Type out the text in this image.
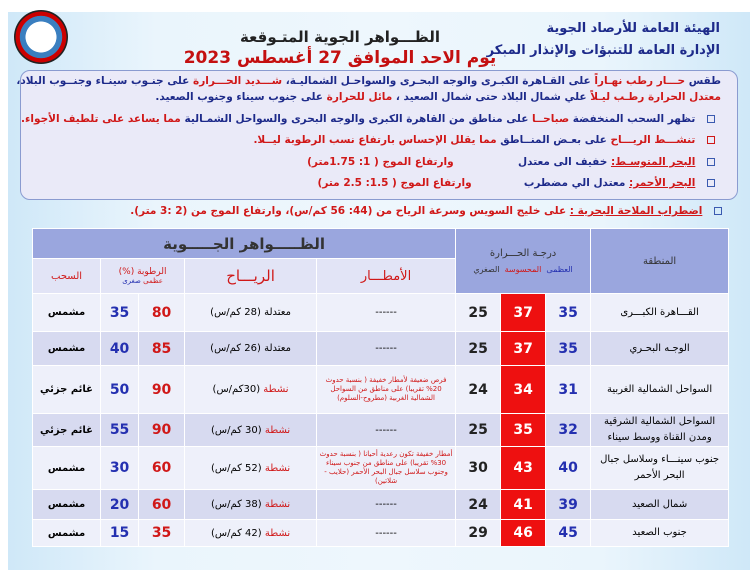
الهيئة العامة للأرصاد الجوية
الإدارة العامة للتنبؤات والإنذار المبكر
الظـــواهر الجوية المتـوقعة
يوم الاحد الموافق 27 أغسطس 2023
طقس حـــار رطب نهـاراً على القـاهرة الكبـرى والوجه البحـرى والسواحـل الشماليـة، شـــديد الحـــرارة على جنـوب سينـاء وجنــوب البلاد،
معتدل الحرارة رطـب ليـلاً علي شمال البلاد حتى شمال الصعيد ، مائل للحرارة على جنوب سيناء وجنوب الصعيد.
تظهر السحب المنخفضة صباحــا على مناطق من القاهرة الكبرى والوجه البحرى والسواحل الشمـالية مما يساعد على تلطيف الأجواء.
تنشـــط الريـــاح على بعـض المنــاطق مما يقلل الإحساس بارتفاع نسب الرطوبة ليــلا.
البحر المتوسـط: خفيف الى معتدل وارتفاع الموج ( 1: 1.75متر)
البحر الأحمر: معتدل الي مضطرب وارتفاع الموج ( 1.5: 2.5 متر)
اضطراب الملاحة البحرية : على خليج السويس وسرعة الرياح من (44: 56 كم/س)، وارتفاع الموج من (2 :3 متر).
المنطقة	درجـة الحـــرارة
العظمى  المحسوسة  الصغري			الظـــــواهر الجـــــوية				
				الأمطـــار	الريـــاح	الرطوبة (%)
عظمى صغرى		السحب
القـــاهرة الكبـــرى	35	37	25	------	معتدلة (28 كم/س)	80	35	مشمس
الوجـه البحـري	35	37	25	------	معتدلة (26 كم/س)	85	40	مشمس
السواحل الشمالية الغربية	31	34	24	فرص ضعيفة لأمطار خفيفة ( بنسبة حدوث 20% تقريبا) على مناطق من السواحل الشمالية الغربية (مطروح-السلوم)	نشطة (30كم/س)	90	50	غائم جزئي
السواحل الشمالية الشرقية ومدن القناة ووسط سيناء	32	35	25	------	نشطة (30 كم/س)	90	55	غائم جزئي
جنوب سينـــاء وسلاسل جبال البحر الأحمر	40	43	30	أمطار خفيفة تكون رعدية أحيانا ( بنسبة حدوث 30% تقريبا) على مناطق من جنوب سيناء وجنوب سلاسل جبال البحر الأحمر (حلايب - شلاتين)	نشطة (52 كم/س)	60	30	مشمس
شمال الصعيد	39	41	24	------	نشطة (38 كم/س)	60	20	مشمس
جنوب الصعيد	45	46	29	------	نشطة (42 كم/س)	35	15	مشمس
